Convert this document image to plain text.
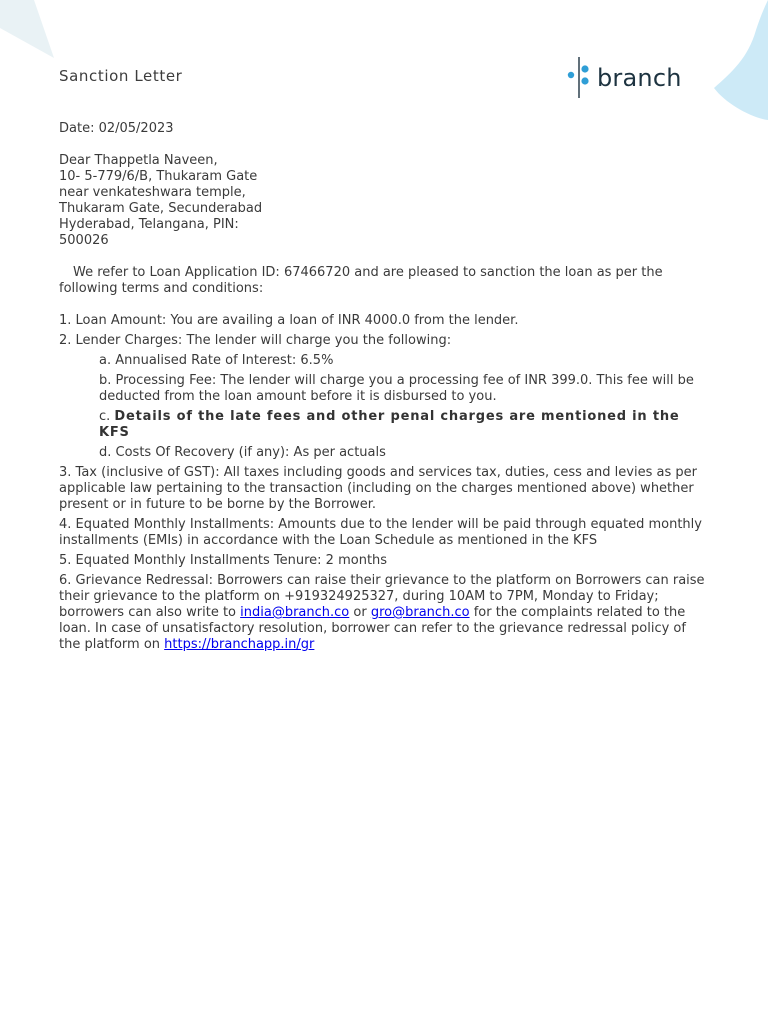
Sanction Letter	branch
Date: 02/05/2023
Dear Thappetla Naveen,
10- 5-779/6/B, Thukaram Gate
near venkateshwara temple,
Thukaram Gate, Secunderabad
Hyderabad, Telangana, PIN:
500026
We refer to Loan Application ID: 67466720 and are pleased to sanction the loan as per the following terms and conditions:
1. Loan Amount: You are availing a loan of INR 4000.0 from the lender.
2. Lender Charges: The lender will charge you the following:
a. Annualised Rate of Interest: 6.5%
b. Processing Fee: The lender will charge you a processing fee of INR 399.0. This fee will be deducted from the loan amount before it is disbursed to you.
c. Details of the late fees and other penal charges are mentioned in the KFS
d. Costs Of Recovery (if any): As per actuals
3. Tax (inclusive of GST): All taxes including goods and services tax, duties, cess and levies as per applicable law pertaining to the transaction (including on the charges mentioned above) whether present or in future to be borne by the Borrower.
4. Equated Monthly Installments: Amounts due to the lender will be paid through equated monthly installments (EMIs) in accordance with the Loan Schedule as mentioned in the KFS
5. Equated Monthly Installments Tenure: 2 months
6. Grievance Redressal: Borrowers can raise their grievance to the platform on Borrowers can raise their grievance to the platform on +919324925327, during 10AM to 7PM, Monday to Friday; borrowers can also write to india@branch.co or gro@branch.co for the complaints related to the loan. In case of unsatisfactory resolution, borrower can refer to the grievance redressal policy of the platform on https://branchapp.in/gr
